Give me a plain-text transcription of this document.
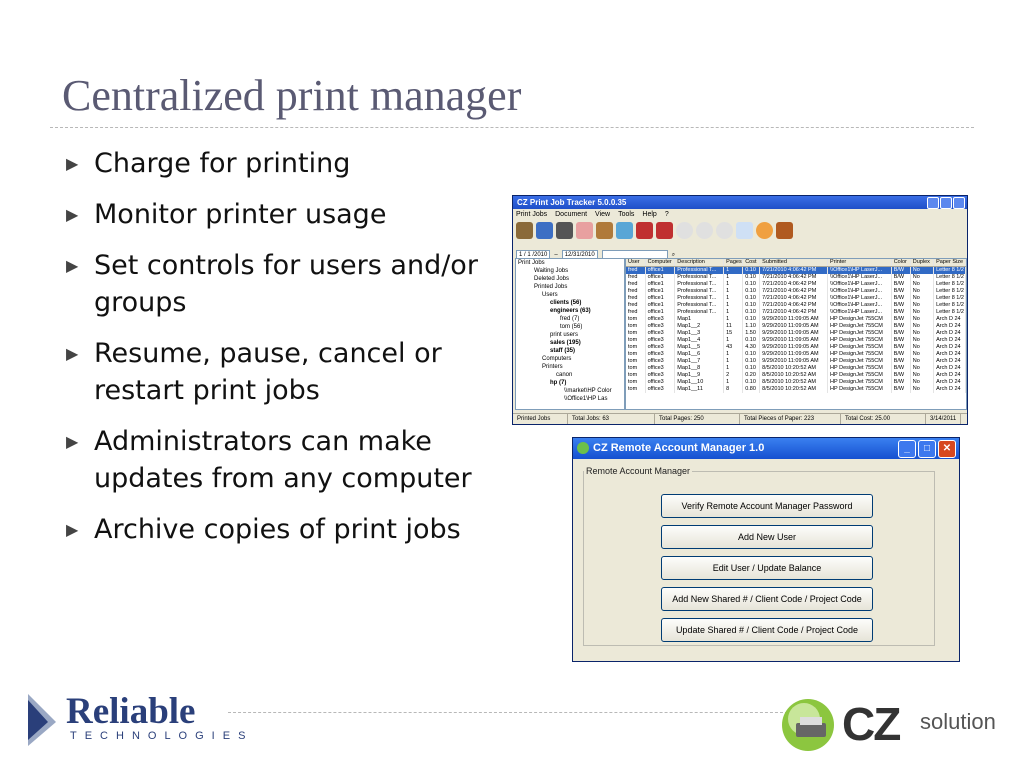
Centralized print manager
▶ Charge for printing
▶ Monitor printer usage
▶ Set controls for users and/or groups
▶ Resume, pause, cancel or restart print jobs
▶ Administrators can make updates from any computer
▶ Archive copies of print jobs
CZ Print Job Tracker 5.0.0.35
Print Jobs Document View Tools Help ?
1 / 1 /2010	–	12/31/2010	⌕
Print Jobs
Waiting Jobs
Deleted Jobs
Printed Jobs
Users
clients (56)
engineers (63)
fred (7)
tom (56)
print users
sales (195)
staff (35)
Computers
Printers
canon
hp (7)
\\market\HP Color
\\Office1\HP Las
User	Computer	Description	Pages	Cost	Submitted	Printer	Color	Duplex	Paper Size
fred	office1	Professional T...	1	0.10	7/21/2010 4:06:42 PM	\\Office1\HP LaserJ...	B/W	No	Letter 8 1/2
fred	office1	Professional T...	1	0.10	7/21/2010 4:06:42 PM	\\Office1\HP LaserJ...	B/W	No	Letter 8 1/2
fred	office1	Professional T...	1	0.10	7/21/2010 4:06:42 PM	\\Office1\HP LaserJ...	B/W	No	Letter 8 1/2
fred	office1	Professional T...	1	0.10	7/21/2010 4:06:42 PM	\\Office1\HP LaserJ...	B/W	No	Letter 8 1/2
fred	office1	Professional T...	1	0.10	7/21/2010 4:06:42 PM	\\Office1\HP LaserJ...	B/W	No	Letter 8 1/2
fred	office1	Professional T...	1	0.10	7/21/2010 4:06:42 PM	\\Office1\HP LaserJ...	B/W	No	Letter 8 1/2
fred	office1	Professional T...	1	0.10	7/21/2010 4:06:42 PM	\\Office1\HP LaserJ...	B/W	No	Letter 8 1/2
tom	office3	Map1	1	0.10	9/29/2010 11:09:05 AM	HP DesignJet 755CM	B/W	No	Arch D 24
tom	office3	Map1__2	11	1.10	9/29/2010 11:09:05 AM	HP DesignJet 755CM	B/W	No	Arch D 24
tom	office3	Map1__3	15	1.50	9/29/2010 11:09:05 AM	HP DesignJet 755CM	B/W	No	Arch D 24
tom	office3	Map1__4	1	0.10	9/29/2010 11:09:05 AM	HP DesignJet 755CM	B/W	No	Arch D 24
tom	office3	Map1__5	43	4.30	9/29/2010 11:09:05 AM	HP DesignJet 755CM	B/W	No	Arch D 24
tom	office3	Map1__6	1	0.10	9/29/2010 11:09:05 AM	HP DesignJet 755CM	B/W	No	Arch D 24
tom	office3	Map1__7	1	0.10	9/29/2010 11:09:05 AM	HP DesignJet 755CM	B/W	No	Arch D 24
tom	office3	Map1__8	1	0.10	8/5/2010 10:20:52 AM	HP DesignJet 755CM	B/W	No	Arch D 24
tom	office3	Map1__9	2	0.20	8/5/2010 10:20:52 AM	HP DesignJet 755CM	B/W	No	Arch D 24
tom	office3	Map1__10	1	0.10	8/5/2010 10:20:52 AM	HP DesignJet 755CM	B/W	No	Arch D 24
tom	office3	Map1__11	8	0.80	8/5/2010 10:20:52 AM	HP DesignJet 755CM	B/W	No	Arch D 24
Printed Jobs	Total Jobs: 63	Total Pages: 250	Total Pieces of Paper: 223	Total Cost: 25.00	3/14/2011
CZ Remote Account Manager 1.0	_	□	✕
Remote Account Manager
Verify Remote Account Manager Password
Add New User
Edit User / Update Balance
Add New Shared # / Client Code / Project Code
Update Shared # / Client Code / Project Code
Reliable
TECHNOLOGIES	CZ solution
